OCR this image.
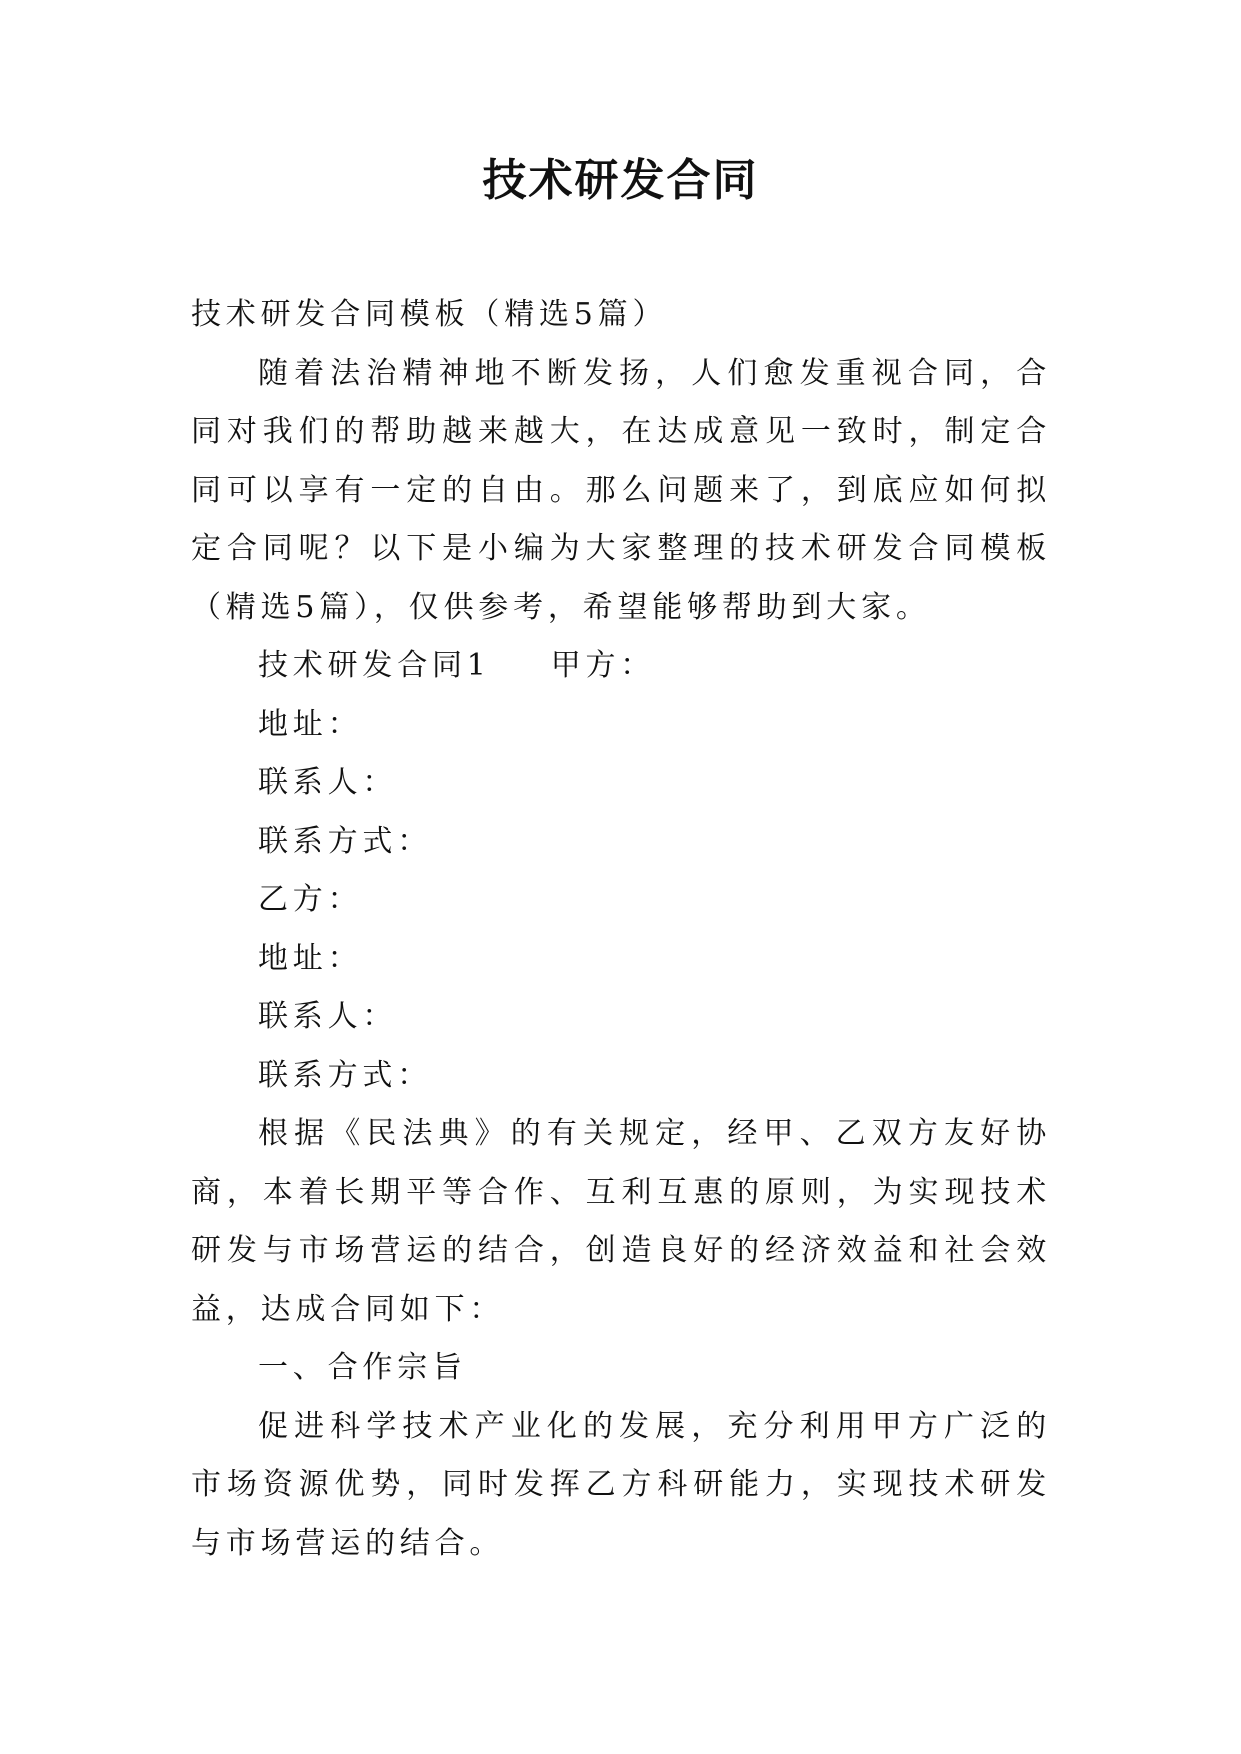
技术研发合同

技术研发合同模板（精选5篇）

随着法治精神地不断发扬，人们愈发重视合同，合同对我们的帮助越来越大，在达成意见一致时，制定合同可以享有一定的自由。那么问题来了，到底应如何拟定合同呢？以下是小编为大家整理的技术研发合同模板（精选5篇），仅供参考，希望能够帮助到大家。

技术研发合同1 甲方：

地址：

联系人：

联系方式：

乙方：

地址：

联系人：

联系方式：

根据《民法典》的有关规定，经甲、乙双方友好协商，本着长期平等合作、互利互惠的原则，为实现技术研发与市场营运的结合，创造良好的经济效益和社会效益，达成合同如下：

一、合作宗旨

促进科学技术产业化的发展，充分利用甲方广泛的市场资源优势，同时发挥乙方科研能力，实现技术研发与市场营运的结合。
